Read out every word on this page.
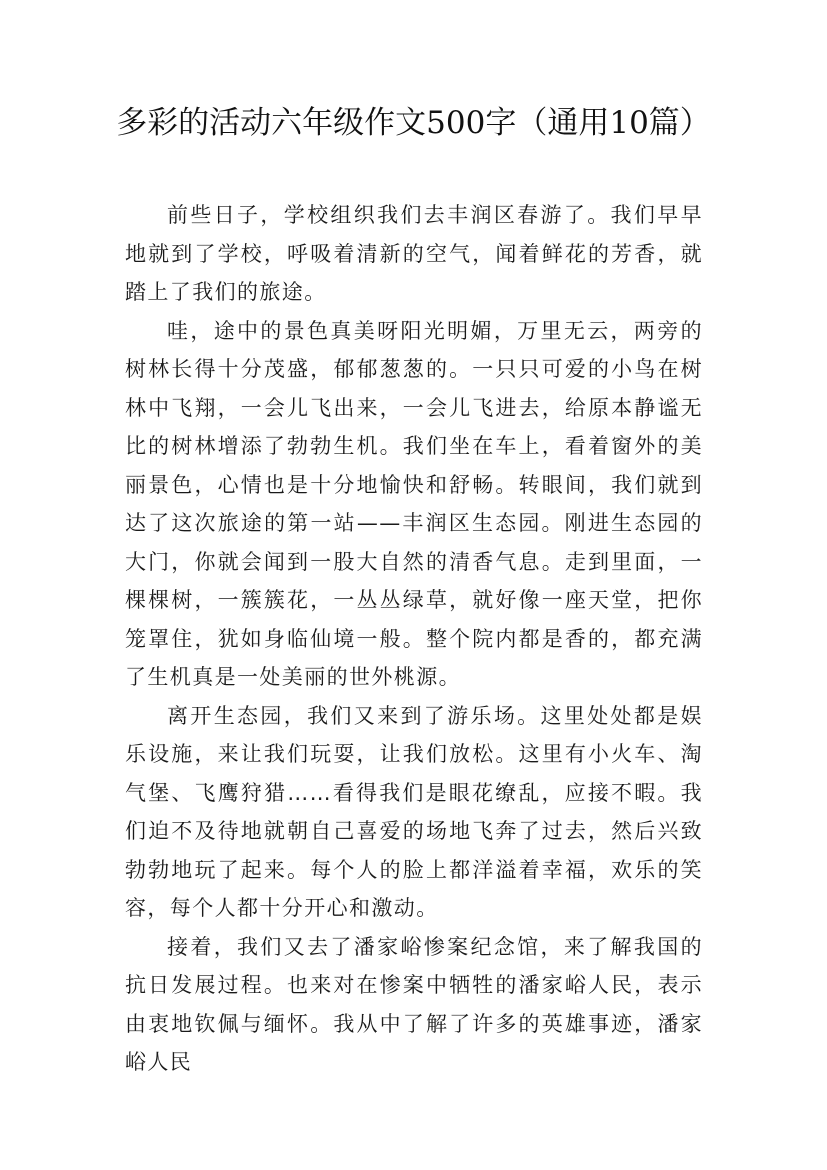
多彩的活动六年级作文500字（通用10篇）

前些日子，学校组织我们去丰润区春游了。我们早早地就到了学校，呼吸着清新的空气，闻着鲜花的芳香，就踏上了我们的旅途。

哇，途中的景色真美呀阳光明媚，万里无云，两旁的树林长得十分茂盛，郁郁葱葱的。一只只可爱的小鸟在树林中飞翔，一会儿飞出来，一会儿飞进去，给原本静谧无比的树林增添了勃勃生机。我们坐在车上，看着窗外的美丽景色，心情也是十分地愉快和舒畅。转眼间，我们就到达了这次旅途的第一站——丰润区生态园。刚进生态园的大门，你就会闻到一股大自然的清香气息。走到里面，一棵棵树，一簇簇花，一丛丛绿草，就好像一座天堂，把你笼罩住，犹如身临仙境一般。整个院内都是香的，都充满了生机真是一处美丽的世外桃源。

离开生态园，我们又来到了游乐场。这里处处都是娱乐设施，来让我们玩耍，让我们放松。这里有小火车、淘气堡、飞鹰狩猎……看得我们是眼花缭乱，应接不暇。我们迫不及待地就朝自己喜爱的场地飞奔了过去，然后兴致勃勃地玩了起来。每个人的脸上都洋溢着幸福，欢乐的笑容，每个人都十分开心和激动。

接着，我们又去了潘家峪惨案纪念馆，来了解我国的抗日发展过程。也来对在惨案中牺牲的潘家峪人民，表示由衷地钦佩与缅怀。我从中了解了许多的英雄事迹，潘家峪人民
